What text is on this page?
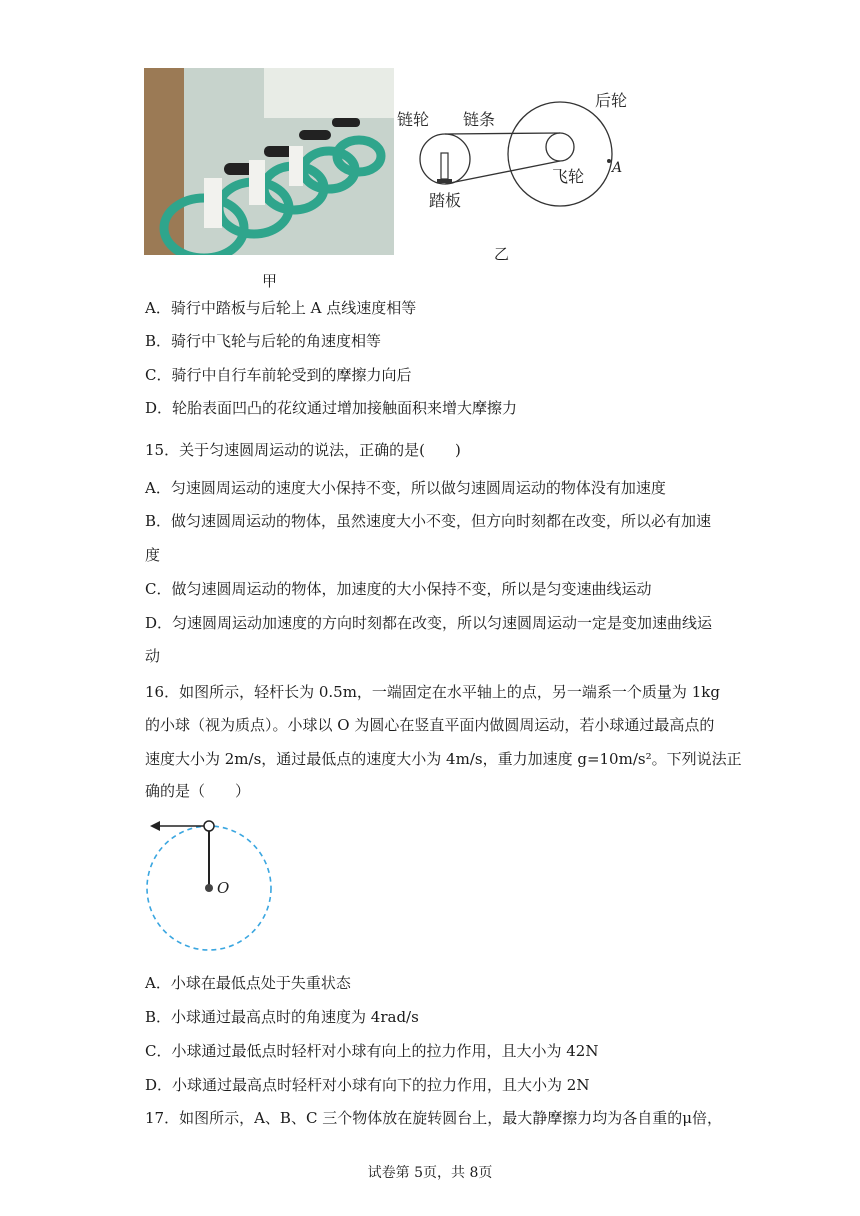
甲
链轮 链条
后轮
飞轮
踏板
A
乙
A．骑行中踏板与后轮上 A 点线速度相等
B．骑行中飞轮与后轮的角速度相等
C．骑行中自行车前轮受到的摩擦力向后
D．轮胎表面凹凸的花纹通过增加接触面积来增大摩擦力
15．关于匀速圆周运动的说法，正确的是(　　)
A．匀速圆周运动的速度大小保持不变，所以做匀速圆周运动的物体没有加速度
B．做匀速圆周运动的物体，虽然速度大小不变，但方向时刻都在改变，所以必有加速
度
C．做匀速圆周运动的物体，加速度的大小保持不变，所以是匀变速曲线运动
D．匀速圆周运动加速度的方向时刻都在改变，所以匀速圆周运动一定是变加速曲线运
动
16．如图所示，轻杆长为 0.5m，一端固定在水平轴上的点，另一端系一个质量为 1kg
的小球（视为质点）。小球以 O 为圆心在竖直平面内做圆周运动，若小球通过最高点的
速度大小为 2m/s，通过最低点的速度大小为 4m/s，重力加速度 g=10m/s²。下列说法正
确的是（　　）
O
A．小球在最低点处于失重状态
B．小球通过最高点时的角速度为 4rad/s
C．小球通过最低点时轻杆对小球有向上的拉力作用，且大小为 42N
D．小球通过最高点时轻杆对小球有向下的拉力作用，且大小为 2N
17．如图所示，A、B、C 三个物体放在旋转圆台上，最大静摩擦力均为各自重的μ倍，
试卷第 5页，共 8页
